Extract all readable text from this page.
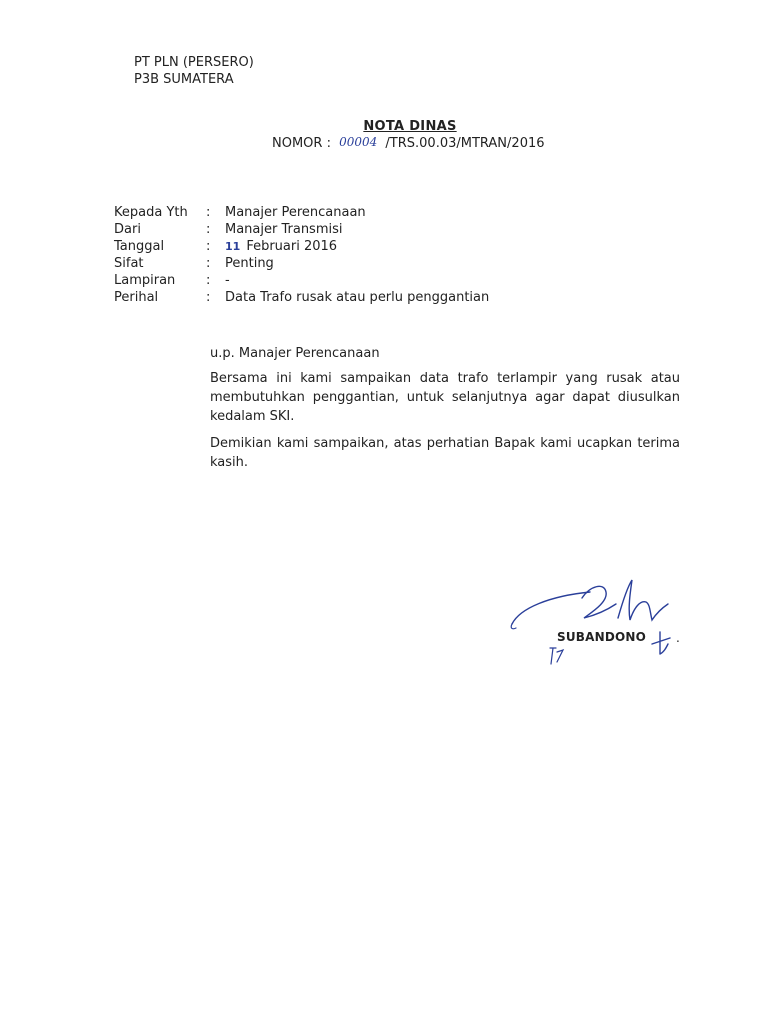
PT PLN (PERSERO)
P3B SUMATERA
NOTA DINAS
NOMOR : 00004 /TRS.00.03/MTRAN/2016
Kepada Yth	:	Manajer Perencanaan
Dari	:	Manajer Transmisi
Tanggal	:	11 Februari 2016
Sifat	:	Penting
Lampiran	:	-
Perihal	:	Data Trafo rusak atau perlu penggantian

u.p. Manajer Perencanaan

Bersama ini kami sampaikan data trafo terlampir yang rusak atau membutuhkan penggantian, untuk selanjutnya agar dapat diusulkan kedalam SKI.

Demikian kami sampaikan, atas perhatian Bapak kami ucapkan terima kasih.

SUBANDONO .
